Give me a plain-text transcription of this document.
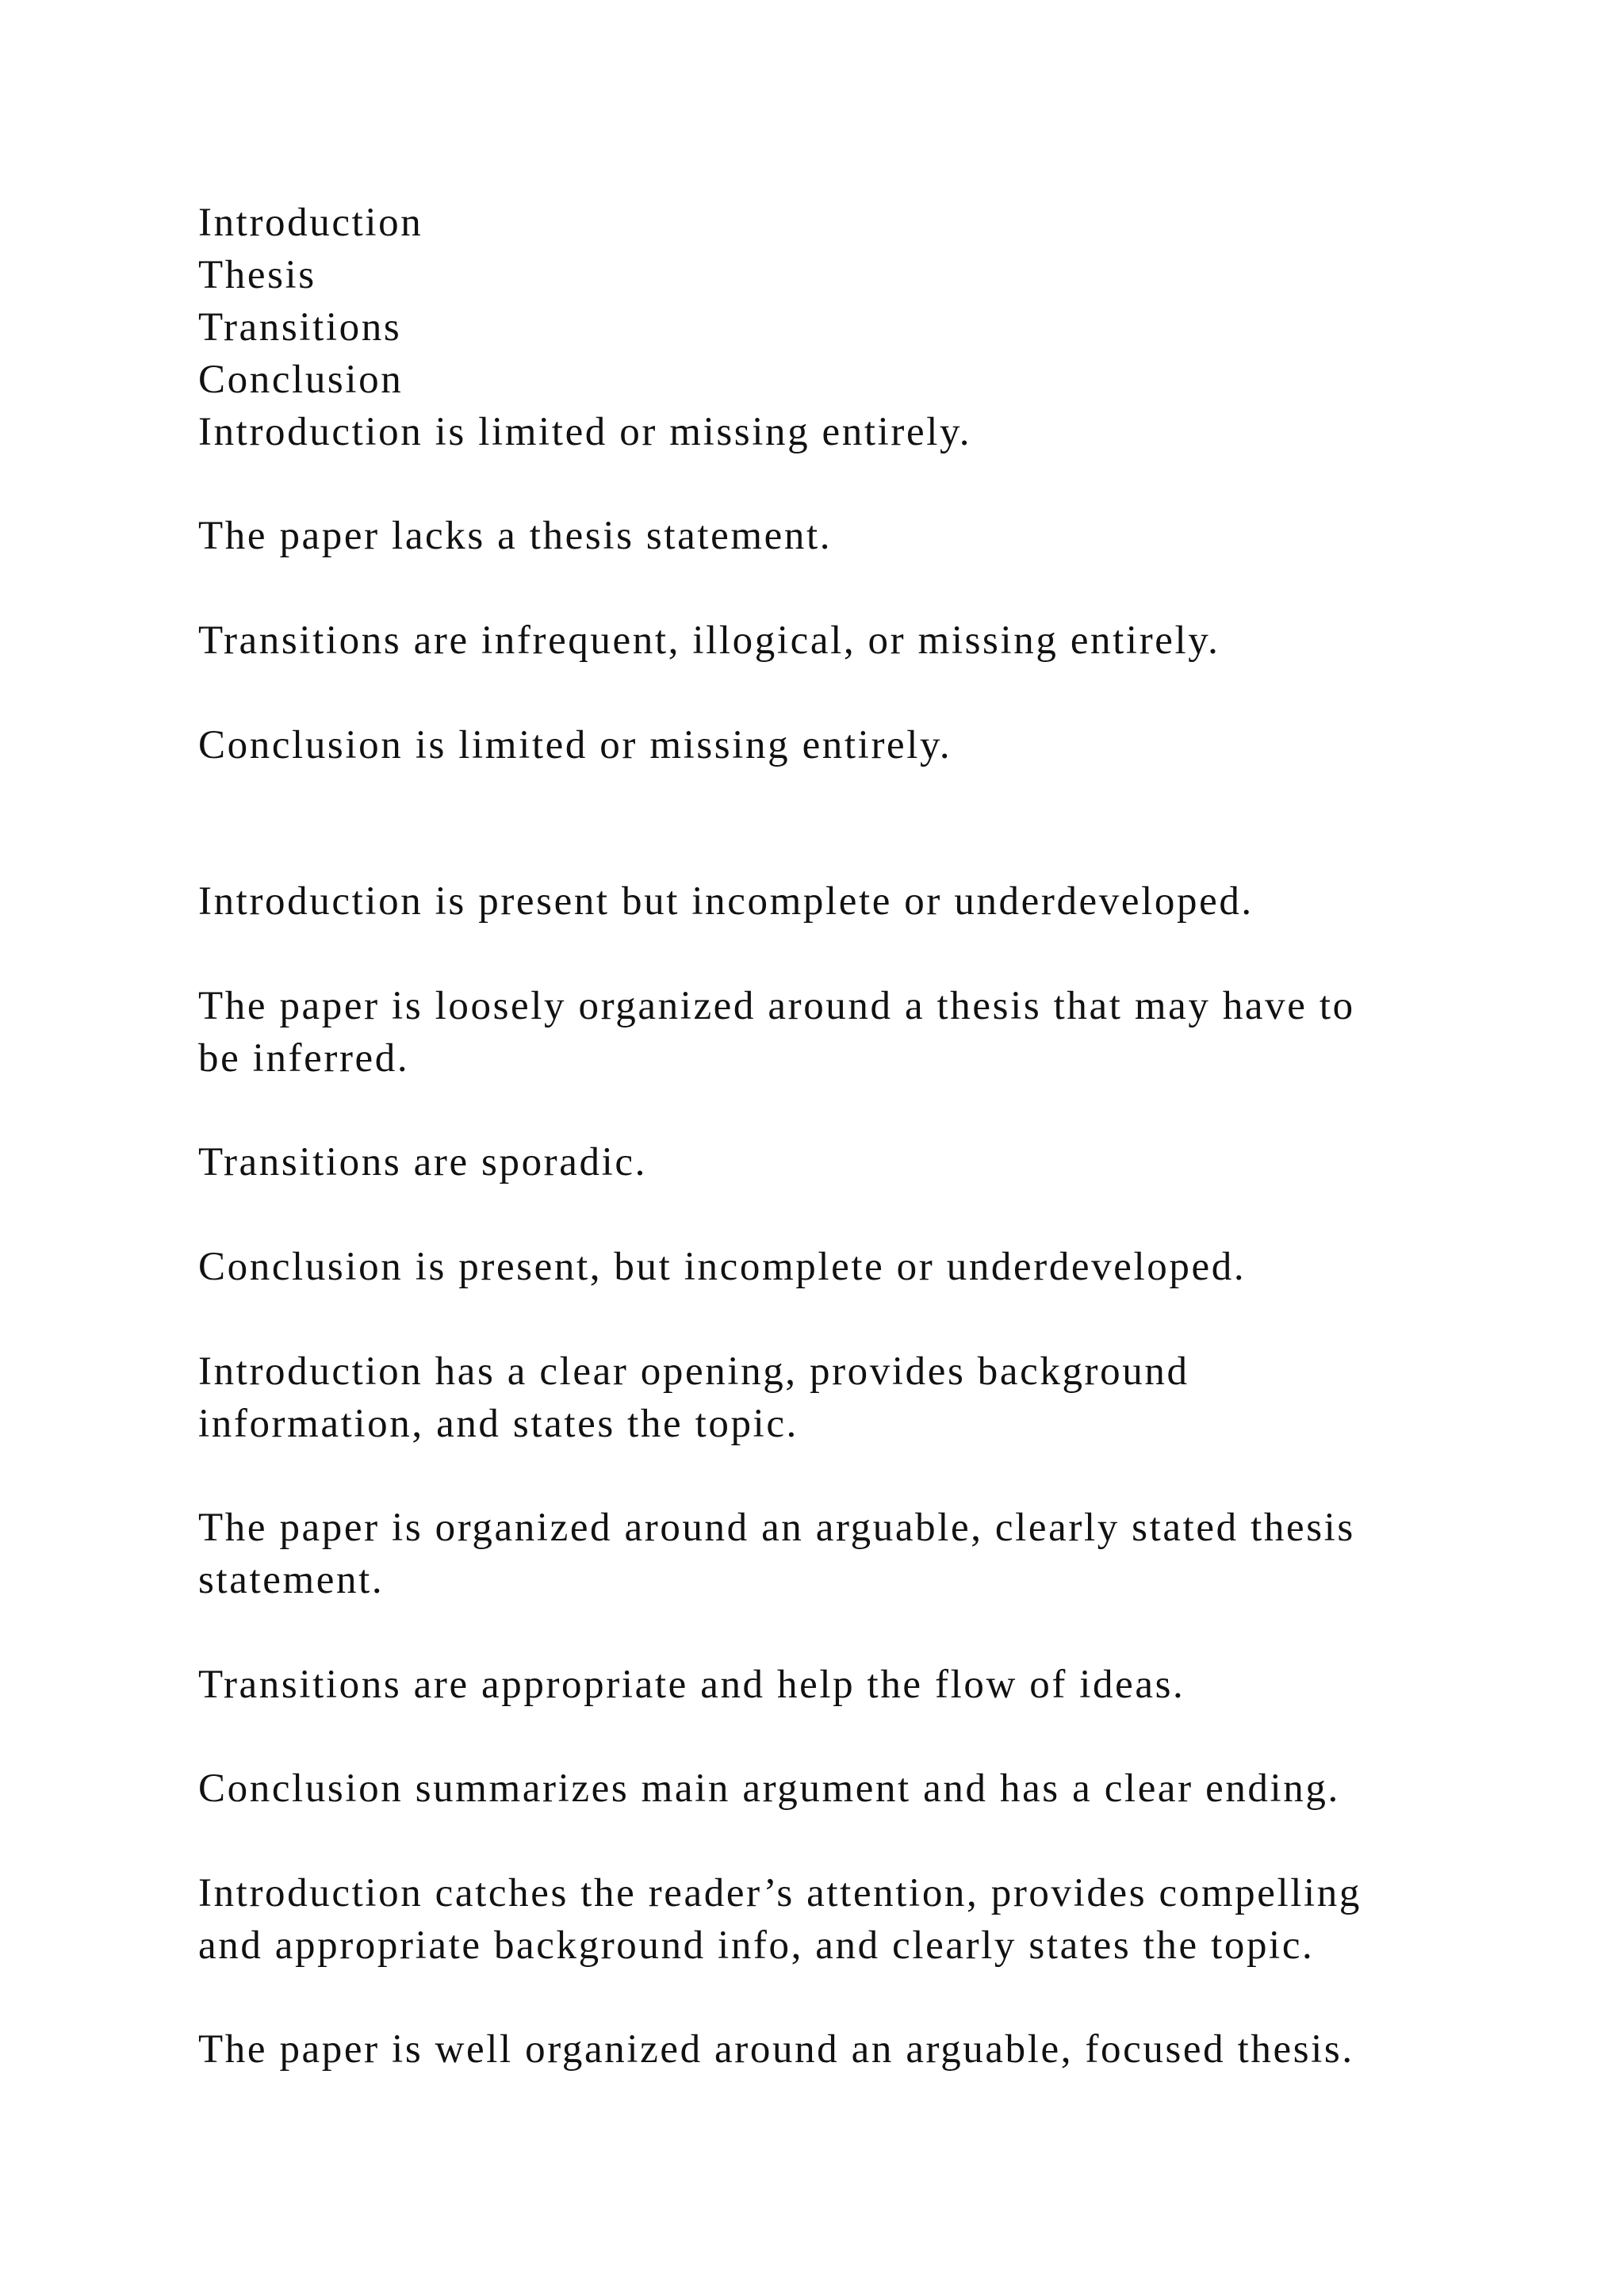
Introduction

Thesis

Transitions

Conclusion

Introduction is limited or missing entirely.

The paper lacks a thesis statement.

Transitions are infrequent, illogical, or missing entirely.

Conclusion is limited or missing entirely.

Introduction is present but incomplete or underdeveloped.

The paper is loosely organized around a thesis that may have to

be inferred.

Transitions are sporadic.

Conclusion is present, but incomplete or underdeveloped.

Introduction has a clear opening, provides background

information, and states the topic.

The paper is organized around an arguable, clearly stated thesis

statement.

Transitions are appropriate and help the flow of ideas.

Conclusion summarizes main argument and has a clear ending.

Introduction catches the reader’s attention, provides compelling

and appropriate background info, and clearly states the topic.

The paper is well organized around an arguable, focused thesis.
